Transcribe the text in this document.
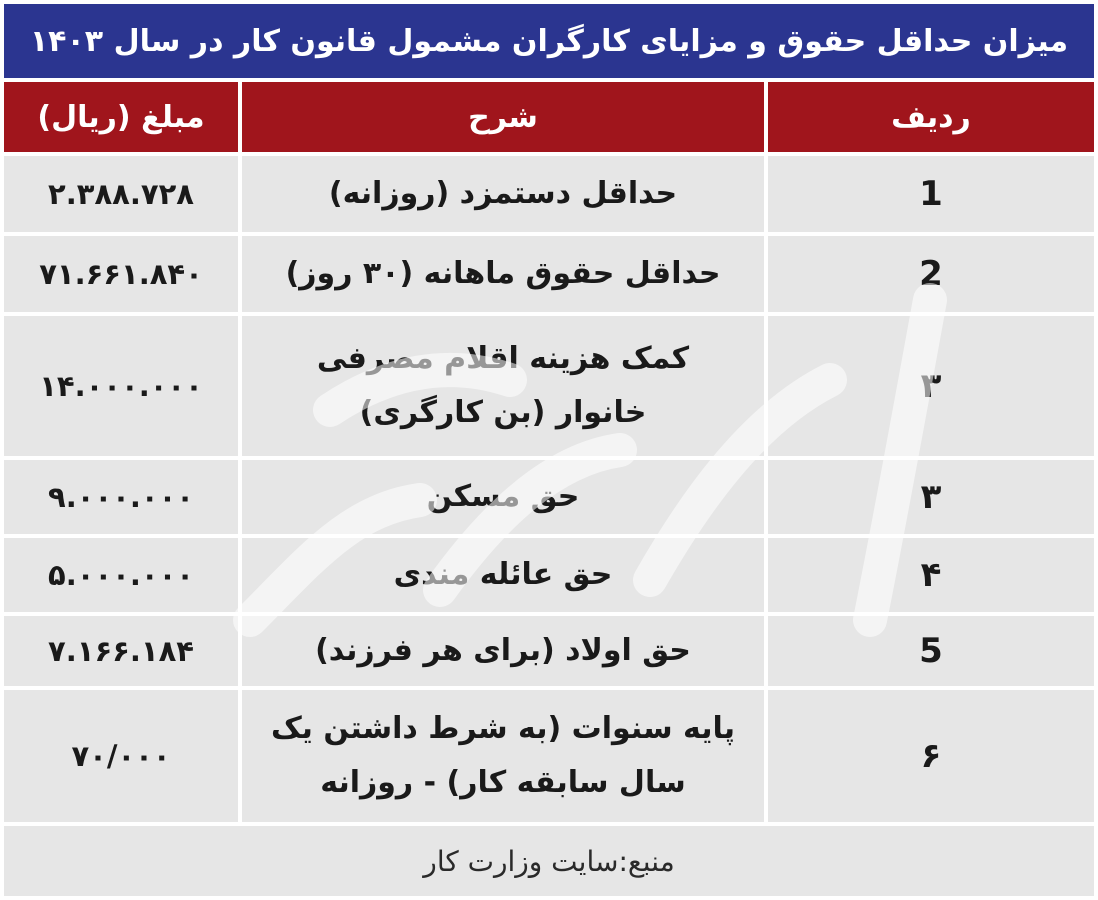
میزان حداقل حقوق و مزایای کارگران مشمول قانون کار در سال ۱۴۰۳
ردیف
شرح
مبلغ (ریال)
1
حداقل دستمزد (روزانه)
۲.۳۸۸.۷۲۸
2
حداقل حقوق ماهانه (۳۰ روز)
۷۱.۶۶۱.۸۴۰
۳
کمک هزینه اقلام مصرفی خانوار (بن کارگری)
۱۴.۰۰۰.۰۰۰
۳
حق مسکن
۹.۰۰۰.۰۰۰
۴
حق عائله مندی
۵.۰۰۰.۰۰۰
5
حق اولاد (برای هر فرزند)
۷.۱۶۶.۱۸۴
۶
پایه سنوات (به شرط داشتن یک سال سابقه کار) - روزانه
۷۰/۰۰۰
منبع:سایت وزارت کار
